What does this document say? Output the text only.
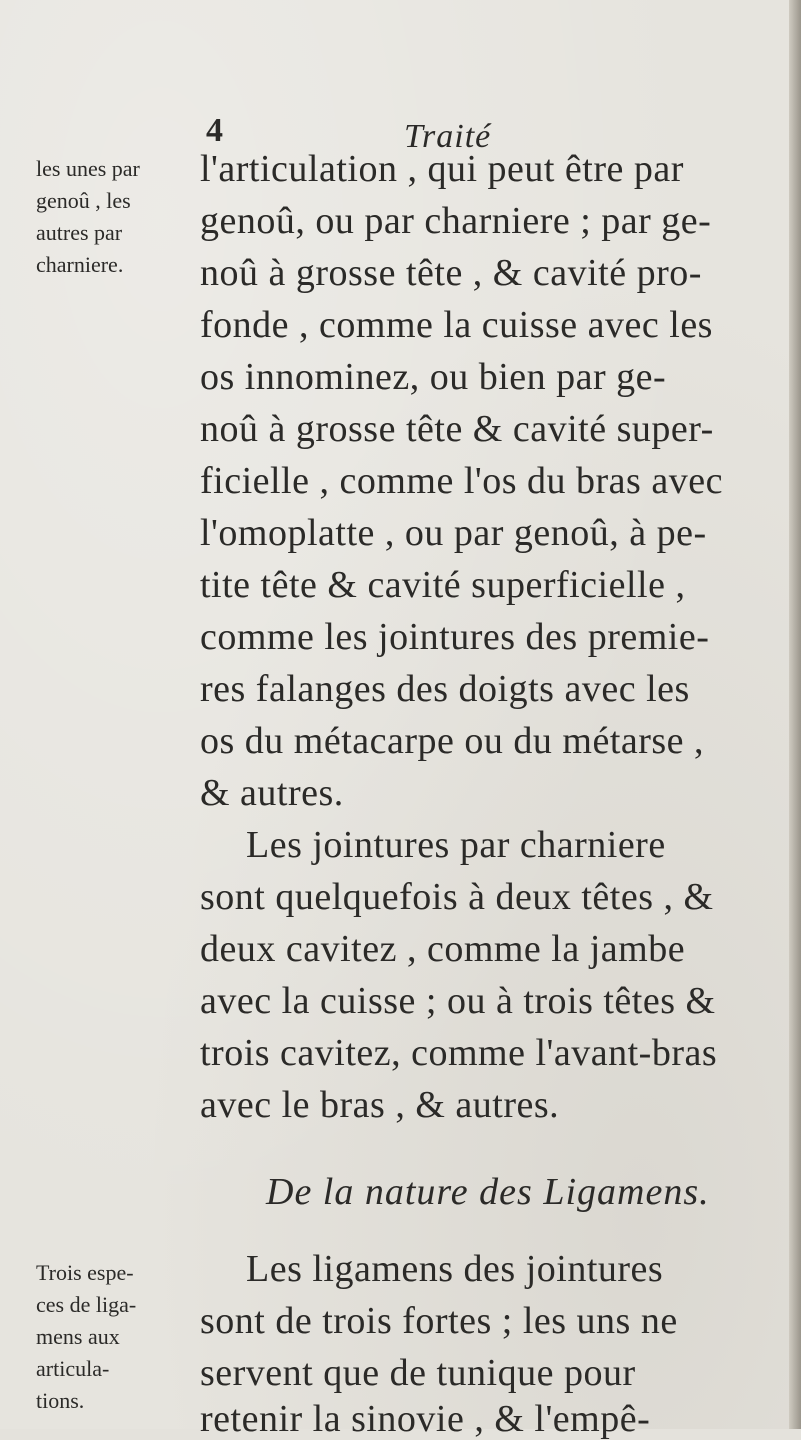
4	Traité
les unes par
genoû , les
autres par
charniere.
l'articulation , qui peut être par
genoû, ou par charniere ; par ge-
noû à grosse tête , & cavité pro-
fonde , comme la cuisse avec les
os innominez, ou bien par ge-
noû à grosse tête & cavité super-
ficielle , comme l'os du bras avec
l'omoplatte , ou par genoû, à pe-
tite tête & cavité superficielle ,
comme les jointures des premie-
res falanges des doigts avec les
os du métacarpe ou du métarse ,
& autres.
Les jointures par charniere
sont quelquefois à deux têtes , &
deux cavitez , comme la jambe
avec la cuisse ; ou à trois têtes &
trois cavitez, comme l'avant-bras
avec le bras , & autres.
De la nature des Ligamens.
Trois espe-
ces de liga-
mens aux
articula-
tions.
Les ligamens des jointures
sont de trois fortes ; les uns ne
servent que de tunique pour
retenir la sinovie , & l'empê-
